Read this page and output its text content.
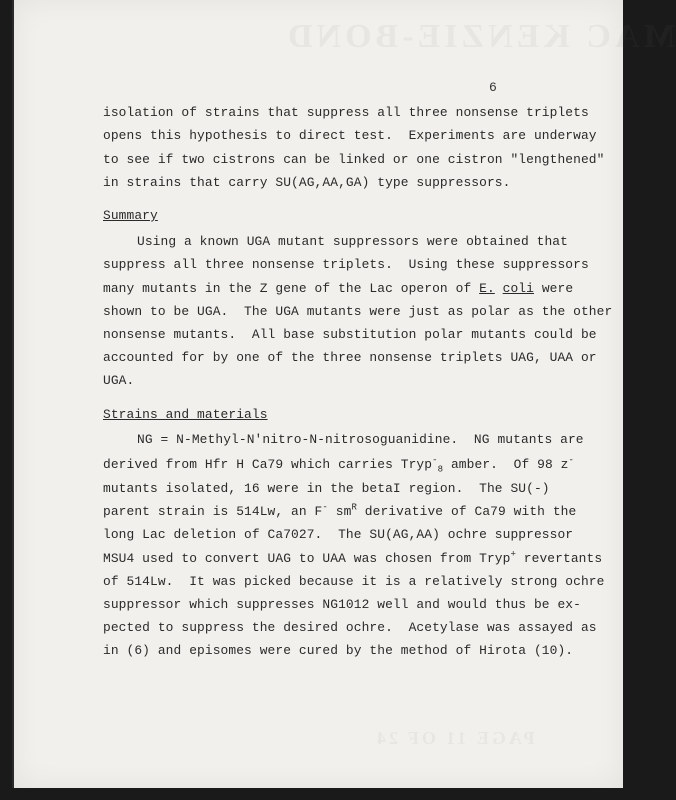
MAC KENZIE-BOND
PAGE 11 OF 24
6
isolation of strains that suppress all three nonsense triplets
opens this hypothesis to direct test.  Experiments are underway
to see if two cistrons can be linked or one cistron "lengthened"
in strains that carry SU(AG,AA,GA) type suppressors.
Summary
Using a known UGA mutant suppressors were obtained that
suppress all three nonsense triplets.  Using these suppressors
many mutants in the Z gene of the Lac operon of E. coli were
shown to be UGA.  The UGA mutants were just as polar as the other
nonsense mutants.  All base substitution polar mutants could be
accounted for by one of the three nonsense triplets UAG, UAA or
UGA.
Strains and materials
NG = N-Methyl-N'nitro-N-nitrosoguanidine.  NG mutants are
derived from Hfr H Ca79 which carries Tryp-$_8$ amber.  Of 98 z-
mutants isolated, 16 were in the betaI region.  The SU(-)
parent strain is 514Lw, an F- $sm^R$ derivative of Ca79 with the
long Lac deletion of Ca7027.  The SU(AG,AA) ochre suppressor
MSU4 used to convert UAG to UAA was chosen from Tryp+ revertants
of 514Lw.  It was picked because it is a relatively strong ochre
suppressor which suppresses NG1012 well and would thus be ex-
pected to suppress the desired ochre.  Acetylase was assayed as
in (6) and episomes were cured by the method of Hirota (10).
